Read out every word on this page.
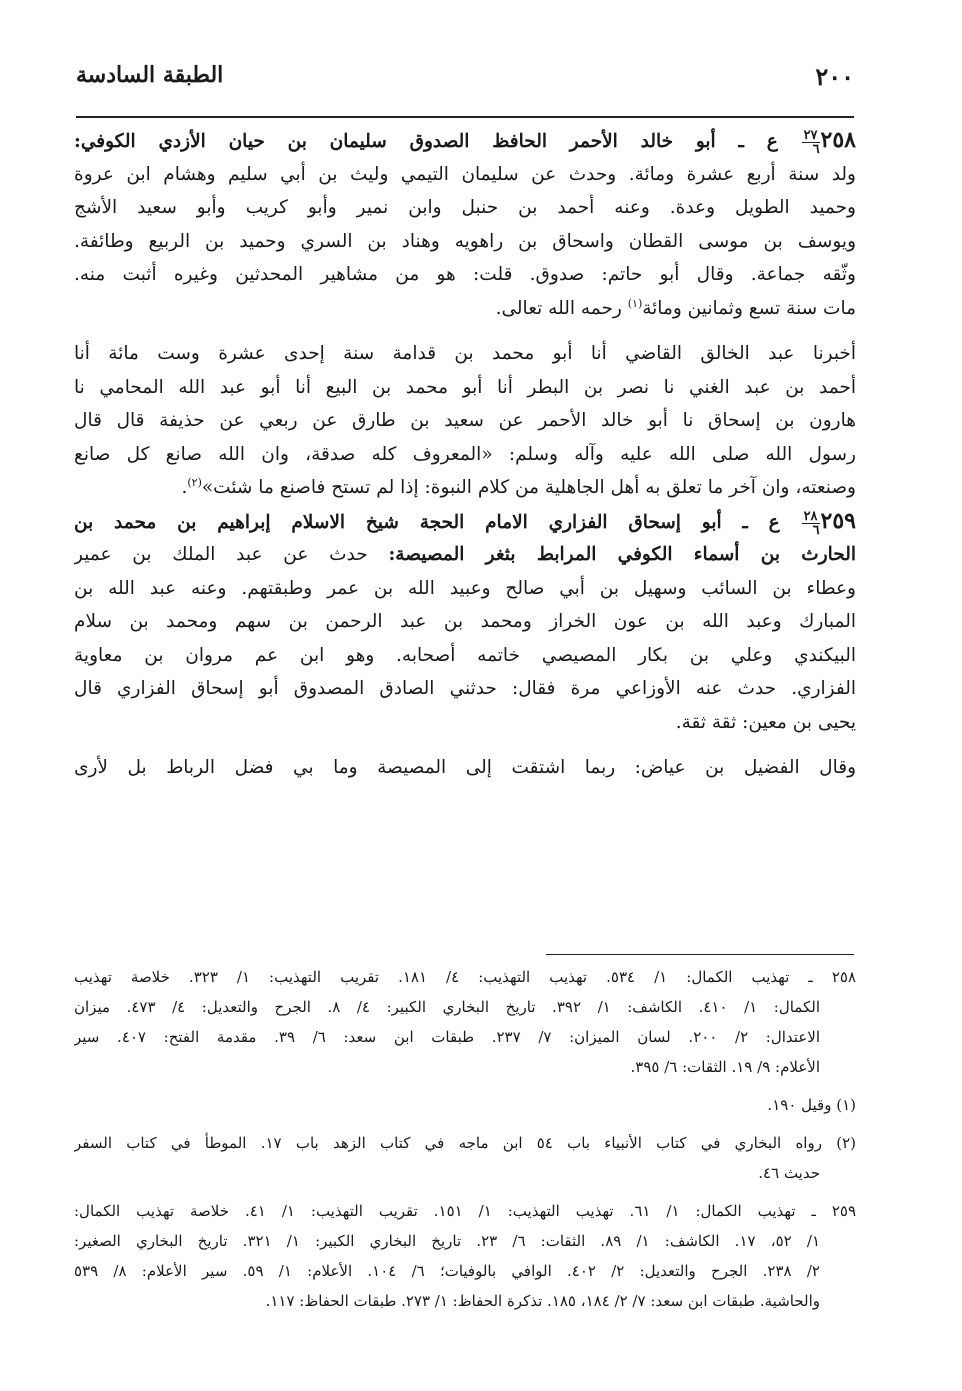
٢٠٠
الطبقة السادسة
٢٥٨
$\frac{٢٧}{٦}$
ع ـ أبو خالد الأحمر الحافظ الصدوق سليمان بن حيان الأزدي الكوفي:
ولد سنة أربع عشرة ومائة. وحدث عن سليمان التيمي وليث بن أبي سليم وهشام ابن عروة
وحميد الطويل وعدة. وعنه أحمد بن حنبل وابن نمير وأبو كريب وأبو سعيد الأشج
ويوسف بن موسى القطان واسحاق بن راهويه وهناد بن السري وحميد بن الربيع وطائفة.
وثّقه جماعة. وقال أبو حاتم: صدوق. قلت: هو من مشاهير المحدثين وغيره أثبت منه.
مات سنة تسع وثمانين ومائة$^{(١)}$ رحمه الله تعالى.
أخبرنا عبد الخالق القاضي أنا أبو محمد بن قدامة سنة إحدى عشرة وست مائة أنا
أحمد بن عبد الغني نا نصر بن البطر أنا أبو محمد بن البيع أنا أبو عبد الله المحامي نا
هارون بن إسحاق نا أبو خالد الأحمر عن سعيد بن طارق عن ربعي عن حذيفة قال قال
رسول الله صلى الله عليه وآله وسلم: «المعروف كله صدقة، وان الله صانع كل صانع
وصنعته، وان آخر ما تعلق به أهل الجاهلية من كلام النبوة: إذا لم تستح فاصنع ما شئت»$^{(٢)}$.
٢٥٩
$\frac{٢٨}{٦}$
ع ـ أبو إسحاق الفزاري الامام الحجة شيخ الاسلام إبراهيم بن محمد بن
الحارث بن أسماء الكوفي المرابط بثغر المصيصة: حدث عن عبد الملك بن عمير
وعطاء بن السائب وسهيل بن أبي صالح وعبيد الله بن عمر وطبقتهم. وعنه عبد الله بن
المبارك وعبد الله بن عون الخراز ومحمد بن عبد الرحمن بن سهم ومحمد بن سلام
البيكندي وعلي بن بكار المصيصي خاتمه أصحابه. وهو ابن عم مروان بن معاوية
الفزاري. حدث عنه الأوزاعي مرة فقال: حدثني الصادق المصدوق أبو إسحاق الفزاري قال
يحيى بن معين: ثقة ثقة.
وقال الفضيل بن عياض: ربما اشتقت إلى المصيصة وما بي فضل الرباط بل لأرى
٢٥٨ ـ تهذيب الكمال: ١/ ٥٣٤. تهذيب التهذيب: ٤/ ١٨١. تقريب التهذيب: ١/ ٣٢٣. خلاصة تهذيب
الكمال: ١/ ٤١٠. الكاشف: ١/ ٣٩٢. تاريخ البخاري الكبير: ٤/ ٨. الجرح والتعديل: ٤/ ٤٧٣. ميزان
الاعتدال: ٢/ ٢٠٠. لسان الميزان: ٧/ ٢٣٧. طبقات ابن سعد: ٦/ ٣٩. مقدمة الفتح: ٤٠٧. سير
الأعلام: ٩/ ١٩. الثقات: ٦/ ٣٩٥.
(١) وقيل ١٩٠.
(٢) رواه البخاري في كتاب الأنبياء باب ٥٤ ابن ماجه في كتاب الزهد باب ١٧. الموطأ في كتاب السفر
حديث ٤٦.
٢٥٩ ـ تهذيب الكمال: ١/ ٦١. تهذيب التهذيب: ١/ ١٥١. تقريب التهذيب: ١/ ٤١. خلاصة تهذيب الكمال:
١/ ٥٢، ١٧. الكاشف: ١/ ٨٩. الثقات: ٦/ ٢٣. تاريخ البخاري الكبير: ١/ ٣٢١. تاريخ البخاري الصغير:
٢/ ٢٣٨. الجرح والتعديل: ٢/ ٤٠٢. الوافي بالوفيات؛ ٦/ ١٠٤. الأعلام: ١/ ٥٩. سير الأعلام: ٨/ ٥٣٩
والحاشية. طبقات ابن سعد: ٧/ ٢/ ١٨٤، ١٨٥. تذكرة الحفاظ: ١/ ٢٧٣. طبقات الحفاظ: ١١٧.
